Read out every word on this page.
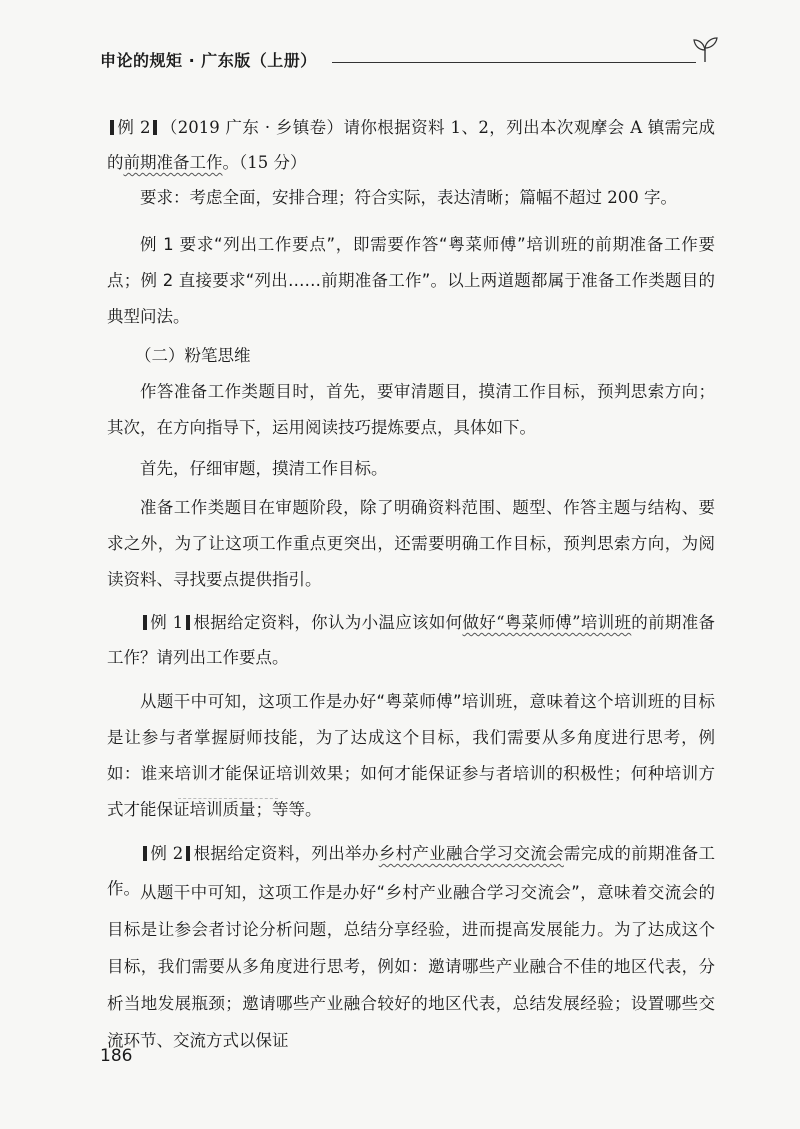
申论的规矩 · 广东版（上册）

例 2 （2019 广东 · 乡镇卷）请你根据资料 1、2，列出本次观摩会 A 镇需完成的前期准备工作。（15 分）

要求：考虑全面，安排合理；符合实际，表达清晰；篇幅不超过 200 字。

例 1 要求“列出工作要点”，即需要作答“粤菜师傅”培训班的前期准备工作要点；例 2 直接要求“列出……前期准备工作”。以上两道题都属于准备工作类题目的典型问法。

（二）粉笔思维

作答准备工作类题目时，首先，要审清题目，摸清工作目标，预判思索方向；其次，在方向指导下，运用阅读技巧提炼要点，具体如下。

首先，仔细审题，摸清工作目标。

准备工作类题目在审题阶段，除了明确资料范围、题型、作答主题与结构、要求之外，为了让这项工作重点更突出，还需要明确工作目标，预判思索方向，为阅读资料、寻找要点提供指引。

例 1 根据给定资料，你认为小温应该如何做好“粤菜师傅”培训班的前期准备工作？请列出工作要点。

从题干中可知，这项工作是办好“粤菜师傅”培训班，意味着这个培训班的目标是让参与者掌握厨师技能，为了达成这个目标，我们需要从多角度进行思考，例如：谁来培训才能保证培训效果；如何才能保证参与者培训的积极性；何种培训方式才能保证培训质量；等等。

例 2 根据给定资料，列出举办乡村产业融合学习交流会需完成的前期准备工作。 从题干中可知，这项工作是办好“乡村产业融合学习交流会”，意味着交流会的目标是让参会者讨论分析问题，总结分享经验，进而提高发展能力。为了达成这个目标，我们需要从多角度进行思考，例如：邀请哪些产业融合不佳的地区代表，分析当地发展瓶颈；邀请哪些产业融合较好的地区代表，总结发展经验；设置哪些交流环节、交流方式以保证

186
